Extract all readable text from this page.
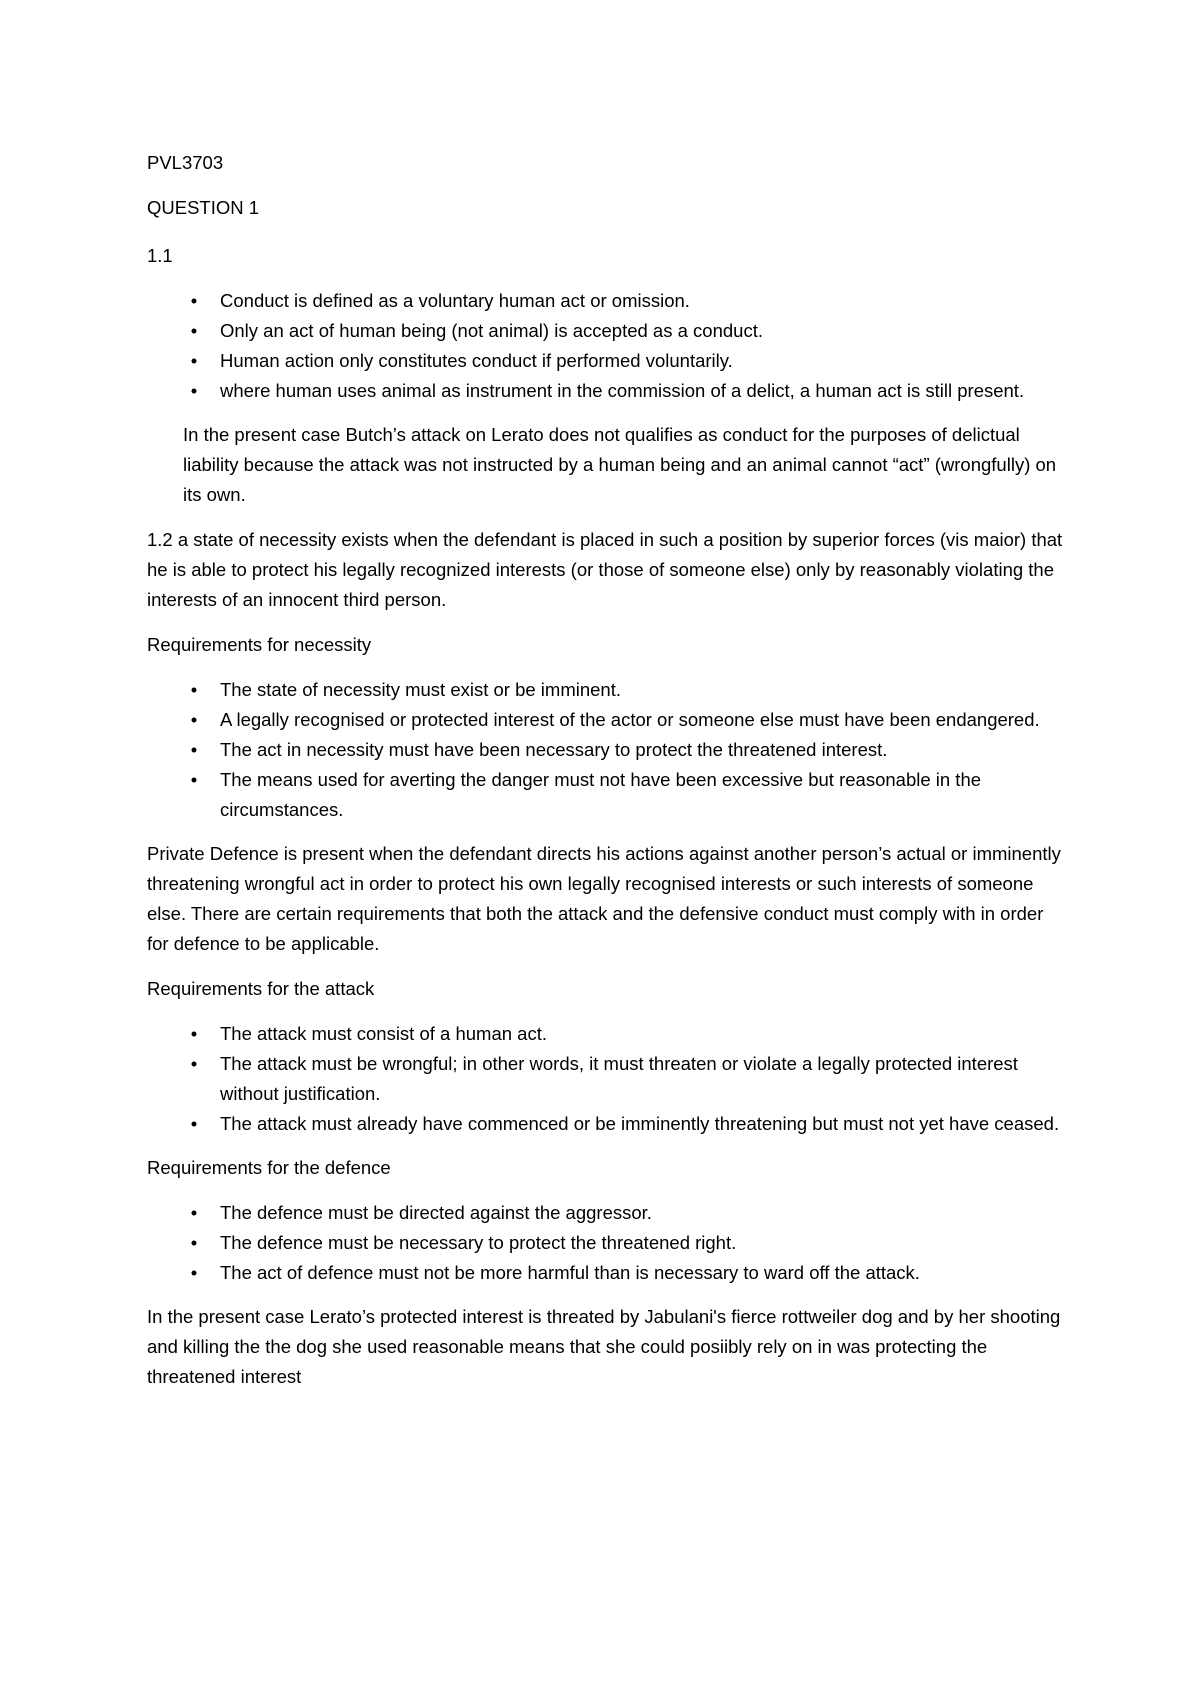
PVL3703

QUESTION 1

1.1

• Conduct is defined as a voluntary human act or omission.
• Only an act of human being (not animal) is accepted as a conduct.
• Human action only constitutes conduct if performed voluntarily.
• where human uses animal as instrument in the commission of a delict, a human act is still present.

In the present case Butch’s attack on Lerato does not qualifies as conduct for the purposes of delictual liability because the attack was not instructed by a human being and an animal cannot “act” (wrongfully) on its own.

1.2 a state of necessity exists when the defendant is placed in such a position by superior forces (vis maior) that he is able to protect his legally recognized interests (or those of someone else) only by reasonably violating the interests of an innocent third person.

Requirements for necessity

• The state of necessity must exist or be imminent.
• A legally recognised or protected interest of the actor or someone else must have been endangered.
• The act in necessity must have been necessary to protect the threatened interest.
• The means used for averting the danger must not have been excessive but reasonable in the circumstances.

Private Defence is present when the defendant directs his actions against another person’s actual or imminently threatening wrongful act in order to protect his own legally recognised interests or such interests of someone else. There are certain requirements that both the attack and the defensive conduct must comply with in order for defence to be applicable.

Requirements for the attack

• The attack must consist of a human act.
• The attack must be wrongful; in other words, it must threaten or violate a legally protected interest without justification.
• The attack must already have commenced or be imminently threatening but must not yet have ceased.

Requirements for the defence

• The defence must be directed against the aggressor.
• The defence must be necessary to protect the threatened right.
• The act of defence must not be more harmful than is necessary to ward off the attack.

In the present case Lerato’s protected interest is threated by Jabulani's fierce rottweiler dog and by her shooting and killing the the dog she used reasonable means that she could posiibly rely on in was protecting the threatened interest
